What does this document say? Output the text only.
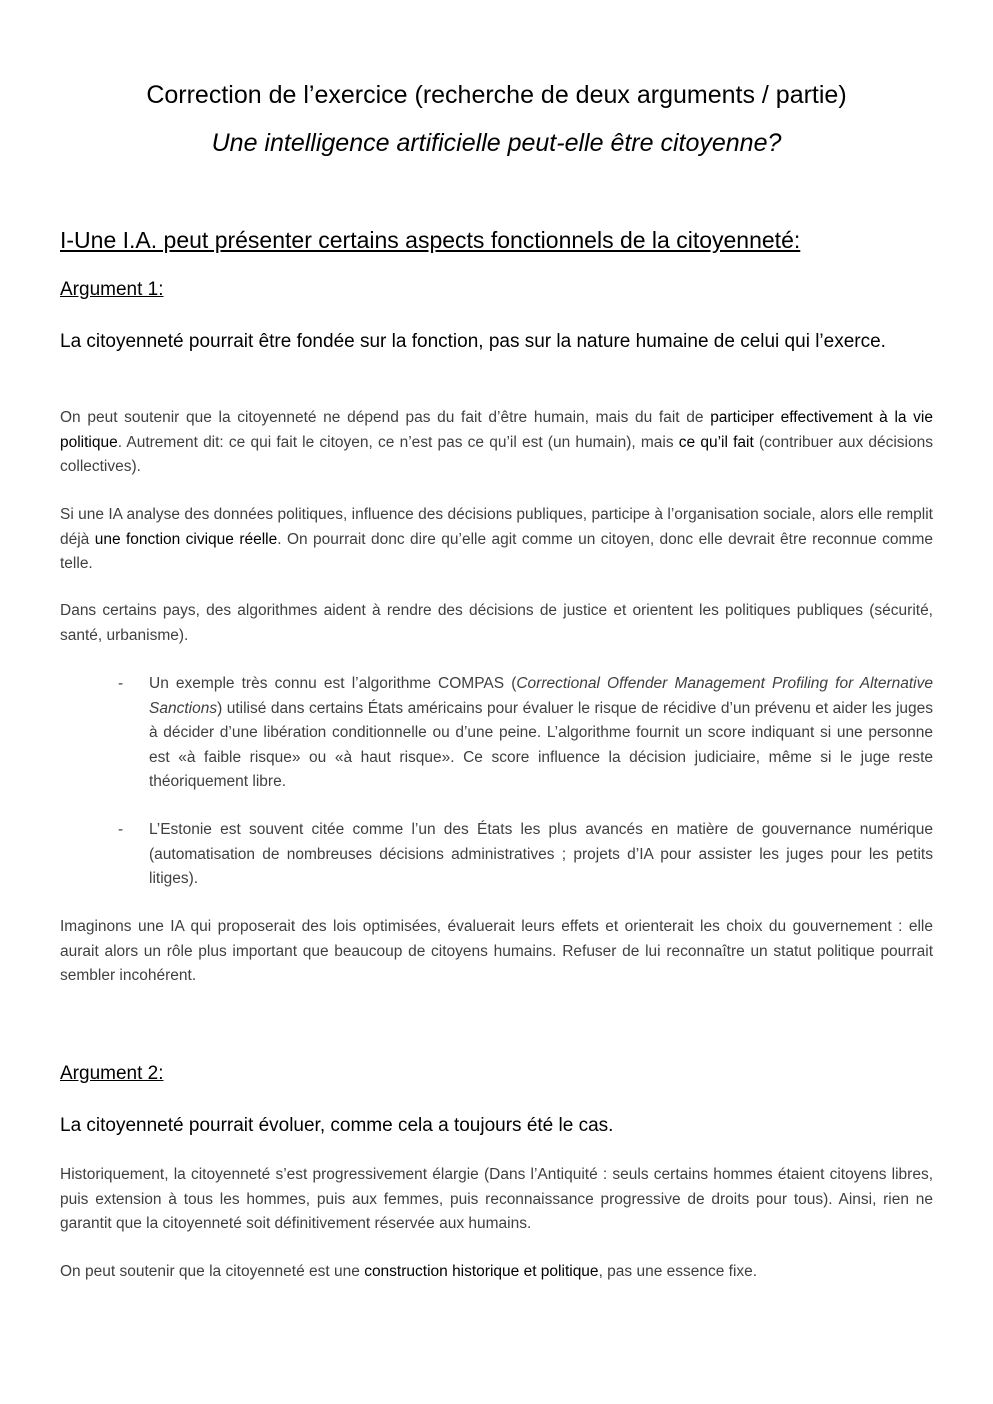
Correction de l’exercice (recherche de deux arguments / partie)
Une intelligence artificielle peut-elle être citoyenne?
I-Une I.A. peut présenter certains aspects fonctionnels de la citoyenneté:
Argument 1:
La citoyenneté pourrait être fondée sur la fonction, pas sur la nature humaine de celui qui l’exerce.

On peut soutenir que la citoyenneté ne dépend pas du fait d’être humain, mais du fait de participer effectivement à la vie politique. Autrement dit: ce qui fait le citoyen, ce n’est pas ce qu’il est (un humain), mais ce qu’il fait (contribuer aux décisions collectives).

Si une IA analyse des données politiques, influence des décisions publiques, participe à l’organisation sociale, alors elle remplit déjà une fonction civique réelle. On pourrait donc dire qu’elle agit comme un citoyen, donc elle devrait être reconnue comme telle.

Dans certains pays, des algorithmes aident à rendre des décisions de justice et orientent les politiques publiques (sécurité, santé, urbanisme).

- Un exemple très connu est l’algorithme COMPAS (Correctional Offender Management Profiling for Alternative Sanctions) utilisé dans certains États américains pour évaluer le risque de récidive d’un prévenu et aider les juges à décider d’une libération conditionnelle ou d’une peine. L’algorithme fournit un score indiquant si une personne est «à faible risque» ou «à haut risque». Ce score influence la décision judiciaire, même si le juge reste théoriquement libre.
- L’Estonie est souvent citée comme l’un des États les plus avancés en matière de gouvernance numérique (automatisation de nombreuses décisions administratives ; projets d’IA pour assister les juges pour les petits litiges).

Imaginons une IA qui proposerait des lois optimisées, évaluerait leurs effets et orienterait les choix du gouvernement : elle aurait alors un rôle plus important que beaucoup de citoyens humains. Refuser de lui reconnaître un statut politique pourrait sembler incohérent.

Argument 2:
La citoyenneté pourrait évoluer, comme cela a toujours été le cas.

Historiquement, la citoyenneté s’est progressivement élargie (Dans l’Antiquité : seuls certains hommes étaient citoyens libres, puis extension à tous les hommes, puis aux femmes, puis reconnaissance progressive de droits pour tous). Ainsi, rien ne garantit que la citoyenneté soit définitivement réservée aux humains.

On peut soutenir que la citoyenneté est une construction historique et politique, pas une essence fixe.
